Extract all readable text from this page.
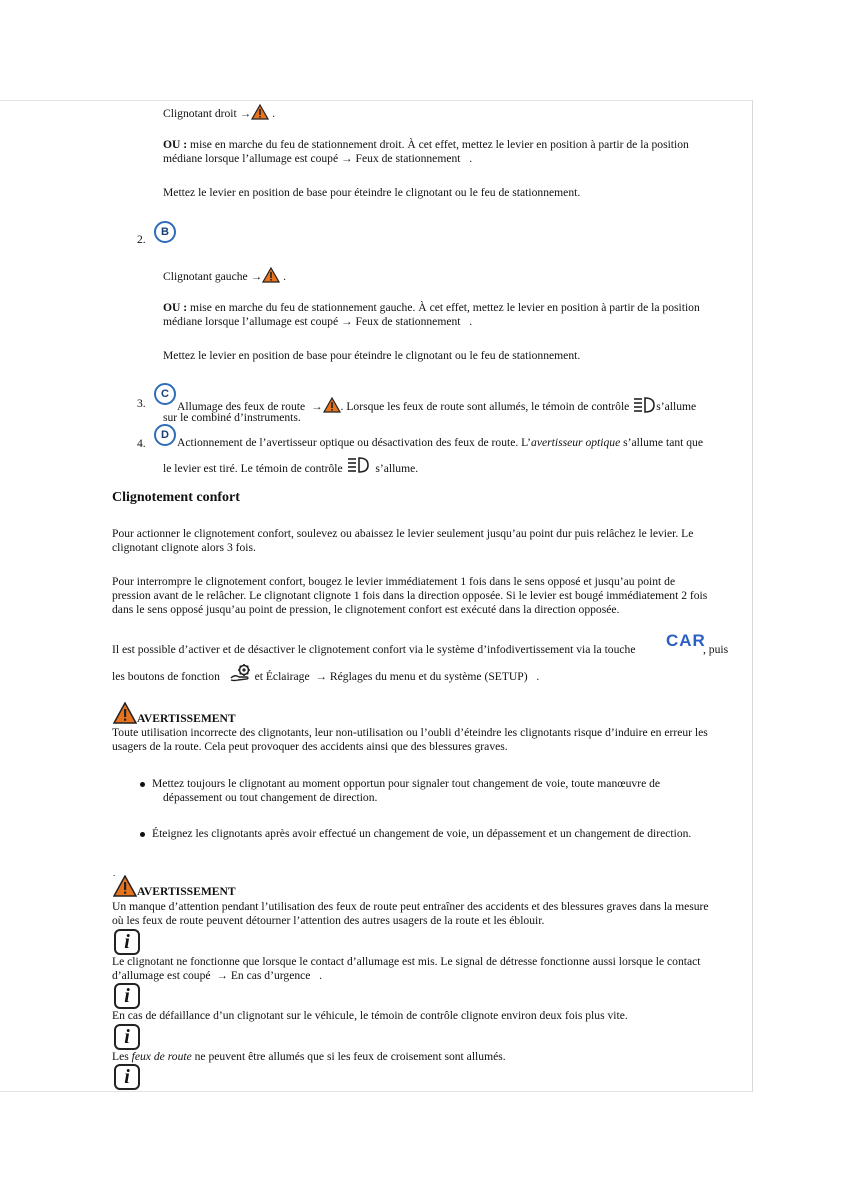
Clignotant droit → .
OU : mise en marche du feu de stationnement droit. À cet effet, mettez le levier en position à partir de la position
médiane lorsque l’allumage est coupé → Feux de stationnement .
Mettez le levier en position de base pour éteindre le clignotant ou le feu de stationnement.
2.
B
Clignotant gauche → .
OU : mise en marche du feu de stationnement gauche. À cet effet, mettez le levier en position à partir de la position
médiane lorsque l’allumage est coupé → Feux de stationnement .
Mettez le levier en position de base pour éteindre le clignotant ou le feu de stationnement.
3.
C
Allumage des feux de route → . Lorsque les feux de route sont allumés, le témoin de contrôle s’allume
sur le combiné d’instruments.
4.
D
Actionnement de l’avertisseur optique ou désactivation des feux de route. L’avertisseur optique s’allume tant que
le levier est tiré. Le témoin de contrôle	s’allume.
Clignotement confort
Pour actionner le clignotement confort, soulevez ou abaissez le levier seulement jusqu’au point dur puis relâchez le levier. Le
clignotant clignote alors 3 fois.
Pour interrompre le clignotement confort, bougez le levier immédiatement 1 fois dans le sens opposé et jusqu’au point de
pression avant de le relâcher. Le clignotant clignote 1 fois dans la direction opposée. Si le levier est bougé immédiatement 2 fois
dans le sens opposé jusqu’au point de pression, le clignotement confort est exécuté dans la direction opposée.
Il est possible d’activer et de désactiver le clignotement confort via le système d’infodivertissement via la touche CAR
, puis
les boutons de fonction	et Éclairage → Réglages du menu et du système (SETUP) .
AVERTISSEMENT
Toute utilisation incorrecte des clignotants, leur non-utilisation ou l’oubli d’éteindre les clignotants risque d’induire en erreur les
usagers de la route. Cela peut provoquer des accidents ainsi que des blessures graves.
Mettez toujours le clignotant au moment opportun pour signaler tout changement de voie, toute manœuvre de
dépassement ou tout changement de direction.
Éteignez les clignotants après avoir effectué un changement de voie, un dépassement et un changement de direction.
.
AVERTISSEMENT
Un manque d’attention pendant l’utilisation des feux de route peut entraîner des accidents et des blessures graves dans la mesure
où les feux de route peuvent détourner l’attention des autres usagers de la route et les éblouir.
i
Le clignotant ne fonctionne que lorsque le contact d’allumage est mis. Le signal de détresse fonctionne aussi lorsque le contact
d’allumage est coupé → En cas d’urgence .
i
En cas de défaillance d’un clignotant sur le véhicule, le témoin de contrôle clignote environ deux fois plus vite.
i
Les feux de route ne peuvent être allumés que si les feux de croisement sont allumés.
i
